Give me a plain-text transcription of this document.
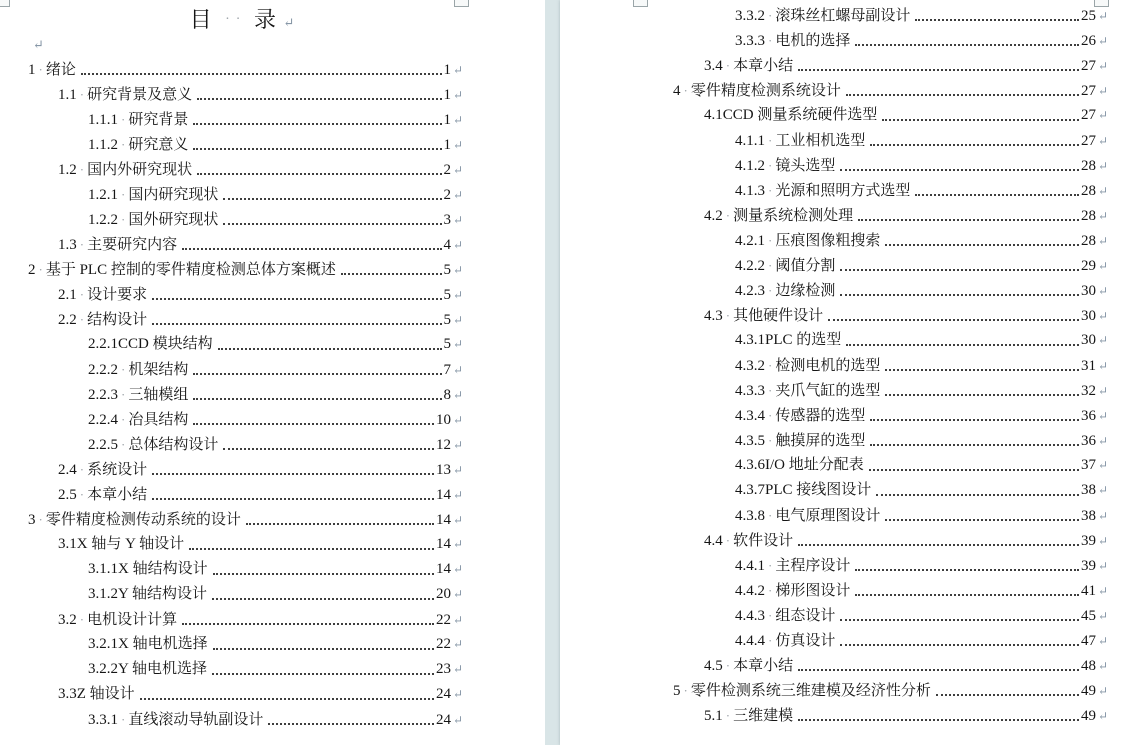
目 ·· 录 ↵
↵
1 · 绪论	1 ↵
1.1 · 研究背景及意义	1 ↵
1.1.1 · 研究背景	1 ↵
1.1.2 · 研究意义	1 ↵
1.2 · 国内外研究现状	2 ↵
1.2.1 · 国内研究现状	2 ↵
1.2.2 · 国外研究现状	3 ↵
1.3 · 主要研究内容	4 ↵
2 · 基于 PLC 控制的零件精度检测总体方案概述	5 ↵
2.1 · 设计要求	5 ↵
2.2 · 结构设计	5 ↵
2.2.1 CCD 模块结构	5 ↵
2.2.2 · 机架结构	7 ↵
2.2.3 · 三轴模组	8 ↵
2.2.4 · 冶具结构	10 ↵
2.2.5 · 总体结构设计	12 ↵
2.4 · 系统设计	13 ↵
2.5 · 本章小结	14 ↵
3 · 零件精度检测传动系统的设计	14 ↵
3.1 X 轴与 Y 轴设计	14 ↵
3.1.1 X 轴结构设计	14 ↵
3.1.2 Y 轴结构设计	20 ↵
3.2 · 电机设计计算	22 ↵
3.2.1 X 轴电机选择	22 ↵
3.2.2 Y 轴电机选择	23 ↵
3.3 Z 轴设计	24 ↵
3.3.1 · 直线滚动导轨副设计	24 ↵
3.3.2 · 滚珠丝杠螺母副设计	25 ↵
3.3.3 · 电机的选择	26 ↵
3.4 · 本章小结	27 ↵
4 · 零件精度检测系统设计	27 ↵
4.1 CCD 测量系统硬件选型	27 ↵
4.1.1 · 工业相机选型	27 ↵
4.1.2 · 镜头选型	28 ↵
4.1.3 · 光源和照明方式选型	28 ↵
4.2 · 测量系统检测处理	28 ↵
4.2.1 · 压痕图像粗搜索	28 ↵
4.2.2 · 阈值分割	29 ↵
4.2.3 · 边缘检测	30 ↵
4.3 · 其他硬件设计	30 ↵
4.3.1 PLC 的选型	30 ↵
4.3.2 · 检测电机的选型	31 ↵
4.3.3 · 夹爪气缸的选型	32 ↵
4.3.4 · 传感器的选型	36 ↵
4.3.5 · 触摸屏的选型	36 ↵
4.3.6 I/O 地址分配表	37 ↵
4.3.7 PLC 接线图设计	38 ↵
4.3.8 · 电气原理图设计	38 ↵
4.4 · 软件设计	39 ↵
4.4.1 · 主程序设计	39 ↵
4.4.2 · 梯形图设计	41 ↵
4.4.3 · 组态设计	45 ↵
4.4.4 · 仿真设计	47 ↵
4.5 · 本章小结	48 ↵
5 · 零件检测系统三维建模及经济性分析	49 ↵
5.1 · 三维建模	49 ↵
